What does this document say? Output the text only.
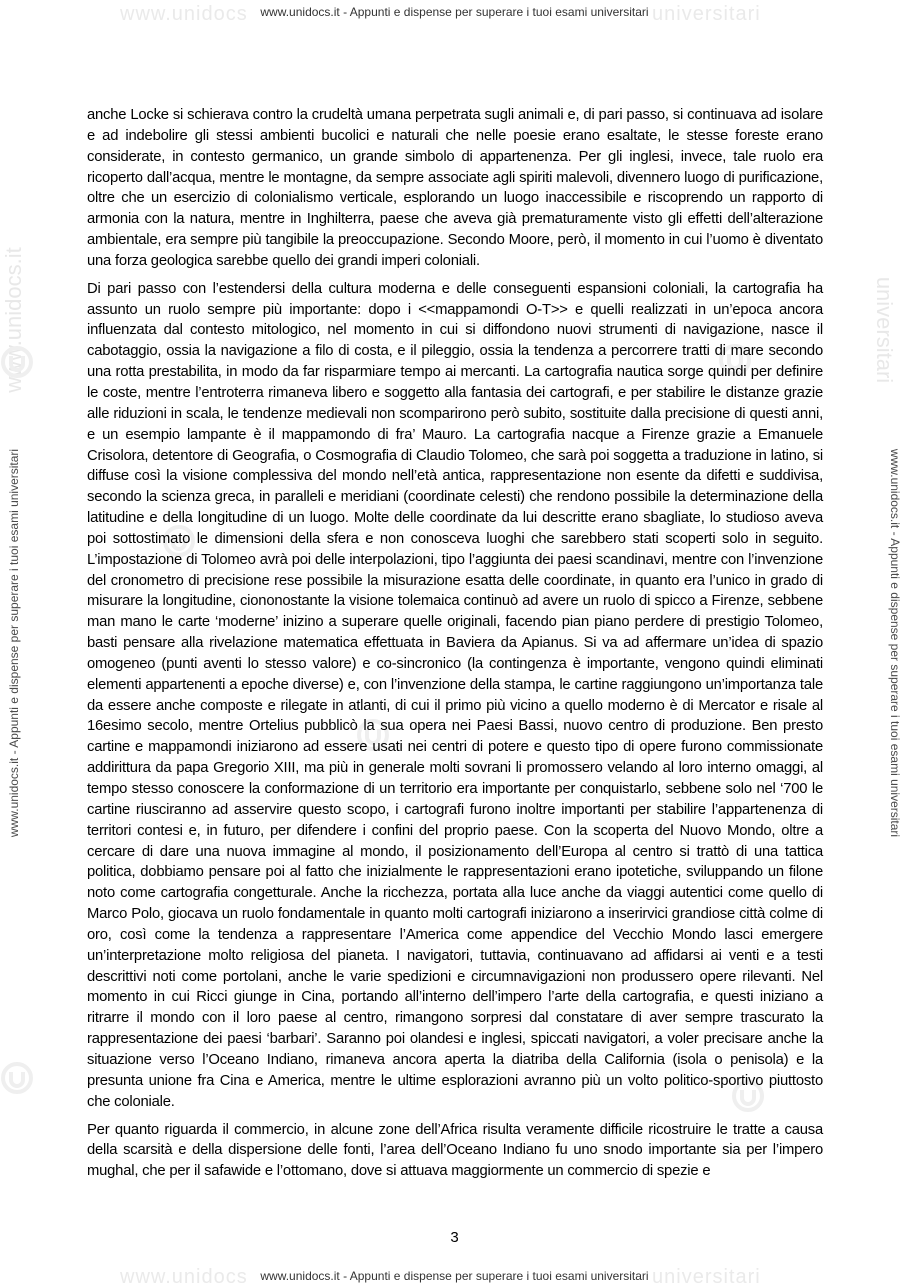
www.unidocs	universitari
www.unidocs	universitari
www.unidocs.it - Appunti e dispense per superare i tuoi esami universitari
www.unidocs.it - Appunti e dispense per superare i tuoi esami universitari
www.unidocs.it	universitari
www.unidocs.it - Appunti e dispense per superare i tuoi esami universitari	www.unidocs.it - Appunti e dispense per superare i tuoi esami universitari

anche Locke si schierava contro la crudeltà umana perpetrata sugli animali e, di pari passo, si continuava ad isolare e ad indebolire gli stessi ambienti bucolici e naturali che nelle poesie erano esaltate, le stesse foreste erano considerate, in contesto germanico, un grande simbolo di appartenenza. Per gli inglesi, invece, tale ruolo era ricoperto dall’acqua, mentre le montagne, da sempre associate agli spiriti malevoli, divennero luogo di purificazione, oltre che un esercizio di colonialismo verticale, esplorando un luogo inaccessibile e riscoprendo un rapporto di armonia con la natura, mentre in Inghilterra, paese che aveva già prematuramente visto gli effetti dell’alterazione ambientale, era sempre più tangibile la preoccupazione. Secondo Moore, però, il momento in cui l’uomo è diventato una forza geologica sarebbe quello dei grandi imperi coloniali.

Di pari passo con l’estendersi della cultura moderna e delle conseguenti espansioni coloniali, la cartografia ha assunto un ruolo sempre più importante: dopo i <<mappamondi O-T>> e quelli realizzati in un’epoca ancora influenzata dal contesto mitologico, nel momento in cui si diffondono nuovi strumenti di navigazione, nasce il cabotaggio, ossia la navigazione a filo di costa, e il pileggio, ossia la tendenza a percorrere tratti di mare secondo una rotta prestabilita, in modo da far risparmiare tempo ai mercanti. La cartografia nautica sorge quindi per definire le coste, mentre l’entroterra rimaneva libero e soggetto alla fantasia dei cartografi, e per stabilire le distanze grazie alle riduzioni in scala, le tendenze medievali non scomparirono però subito, sostituite dalla precisione di questi anni, e un esempio lampante è il mappamondo di fra’ Mauro. La cartografia nacque a Firenze grazie a Emanuele Crisolora, detentore di Geografia, o Cosmografia di Claudio Tolomeo, che sarà poi soggetta a traduzione in latino, si diffuse così la visione complessiva del mondo nell’età antica, rappresentazione non esente da difetti e suddivisa, secondo la scienza greca, in paralleli e meridiani (coordinate celesti) che rendono possibile la determinazione della latitudine e della longitudine di un luogo. Molte delle coordinate da lui descritte erano sbagliate, lo studioso aveva poi sottostimato le dimensioni della sfera e non conosceva luoghi che sarebbero stati scoperti solo in seguito. L’impostazione di Tolomeo avrà poi delle interpolazioni, tipo l’aggiunta dei paesi scandinavi, mentre con l’invenzione del cronometro di precisione rese possibile la misurazione esatta delle coordinate, in quanto era l’unico in grado di misurare la longitudine, ciononostante la visione tolemaica continuò ad avere un ruolo di spicco a Firenze, sebbene man mano le carte ‘moderne’ inizino a superare quelle originali, facendo pian piano perdere di prestigio Tolomeo, basti pensare alla rivelazione matematica effettuata in Baviera da Apianus. Si va ad affermare un’idea di spazio omogeneo (punti aventi lo stesso valore) e co-sincronico (la contingenza è importante, vengono quindi eliminati elementi appartenenti a epoche diverse) e, con l’invenzione della stampa, le cartine raggiungono un’importanza tale da essere anche composte e rilegate in atlanti, di cui il primo più vicino a quello moderno è di Mercator e risale al 16esimo secolo, mentre Ortelius pubblicò la sua opera nei Paesi Bassi, nuovo centro di produzione. Ben presto cartine e mappamondi iniziarono ad essere usati nei centri di potere e questo tipo di opere furono commissionate addirittura da papa Gregorio XIII, ma più in generale molti sovrani li promossero velando al loro interno omaggi, al tempo stesso conoscere la conformazione di un territorio era importante per conquistarlo, sebbene solo nel ‘700 le cartine riusciranno ad asservire questo scopo, i cartografi furono inoltre importanti per stabilire l’appartenenza di territori contesi e, in futuro, per difendere i confini del proprio paese. Con la scoperta del Nuovo Mondo, oltre a cercare di dare una nuova immagine al mondo, il posizionamento dell’Europa al centro si trattò di una tattica politica, dobbiamo pensare poi al fatto che inizialmente le rappresentazioni erano ipotetiche, sviluppando un filone noto come cartografia congetturale. Anche la ricchezza, portata alla luce anche da viaggi autentici come quello di Marco Polo, giocava un ruolo fondamentale in quanto molti cartografi iniziarono a inserirvici grandiose città colme di oro, così come la tendenza a rappresentare l’America come appendice del Vecchio Mondo lasci emergere un’interpretazione molto religiosa del pianeta. I navigatori, tuttavia, continuavano ad affidarsi ai venti e a testi descrittivi noti come portolani, anche le varie spedizioni e circumnavigazioni non produssero opere rilevanti. Nel momento in cui Ricci giunge in Cina, portando all’interno dell’impero l’arte della cartografia, e questi iniziano a ritrarre il mondo con il loro paese al centro, rimangono sorpresi dal constatare di aver sempre trascurato la rappresentazione dei paesi ‘barbari’. Saranno poi olandesi e inglesi, spiccati navigatori, a voler precisare anche la situazione verso l’Oceano Indiano, rimaneva ancora aperta la diatriba della California (isola o penisola) e la presunta unione fra Cina e America, mentre le ultime esplorazioni avranno più un volto politico-sportivo piuttosto che coloniale.

Per quanto riguarda il commercio, in alcune zone dell’Africa risulta veramente difficile ricostruire le tratte a causa della scarsità e della dispersione delle fonti, l’area dell’Oceano Indiano fu uno snodo importante sia per l’impero mughal, che per il safawide e l’ottomano, dove si attuava maggiormente un commercio di spezie e

3
